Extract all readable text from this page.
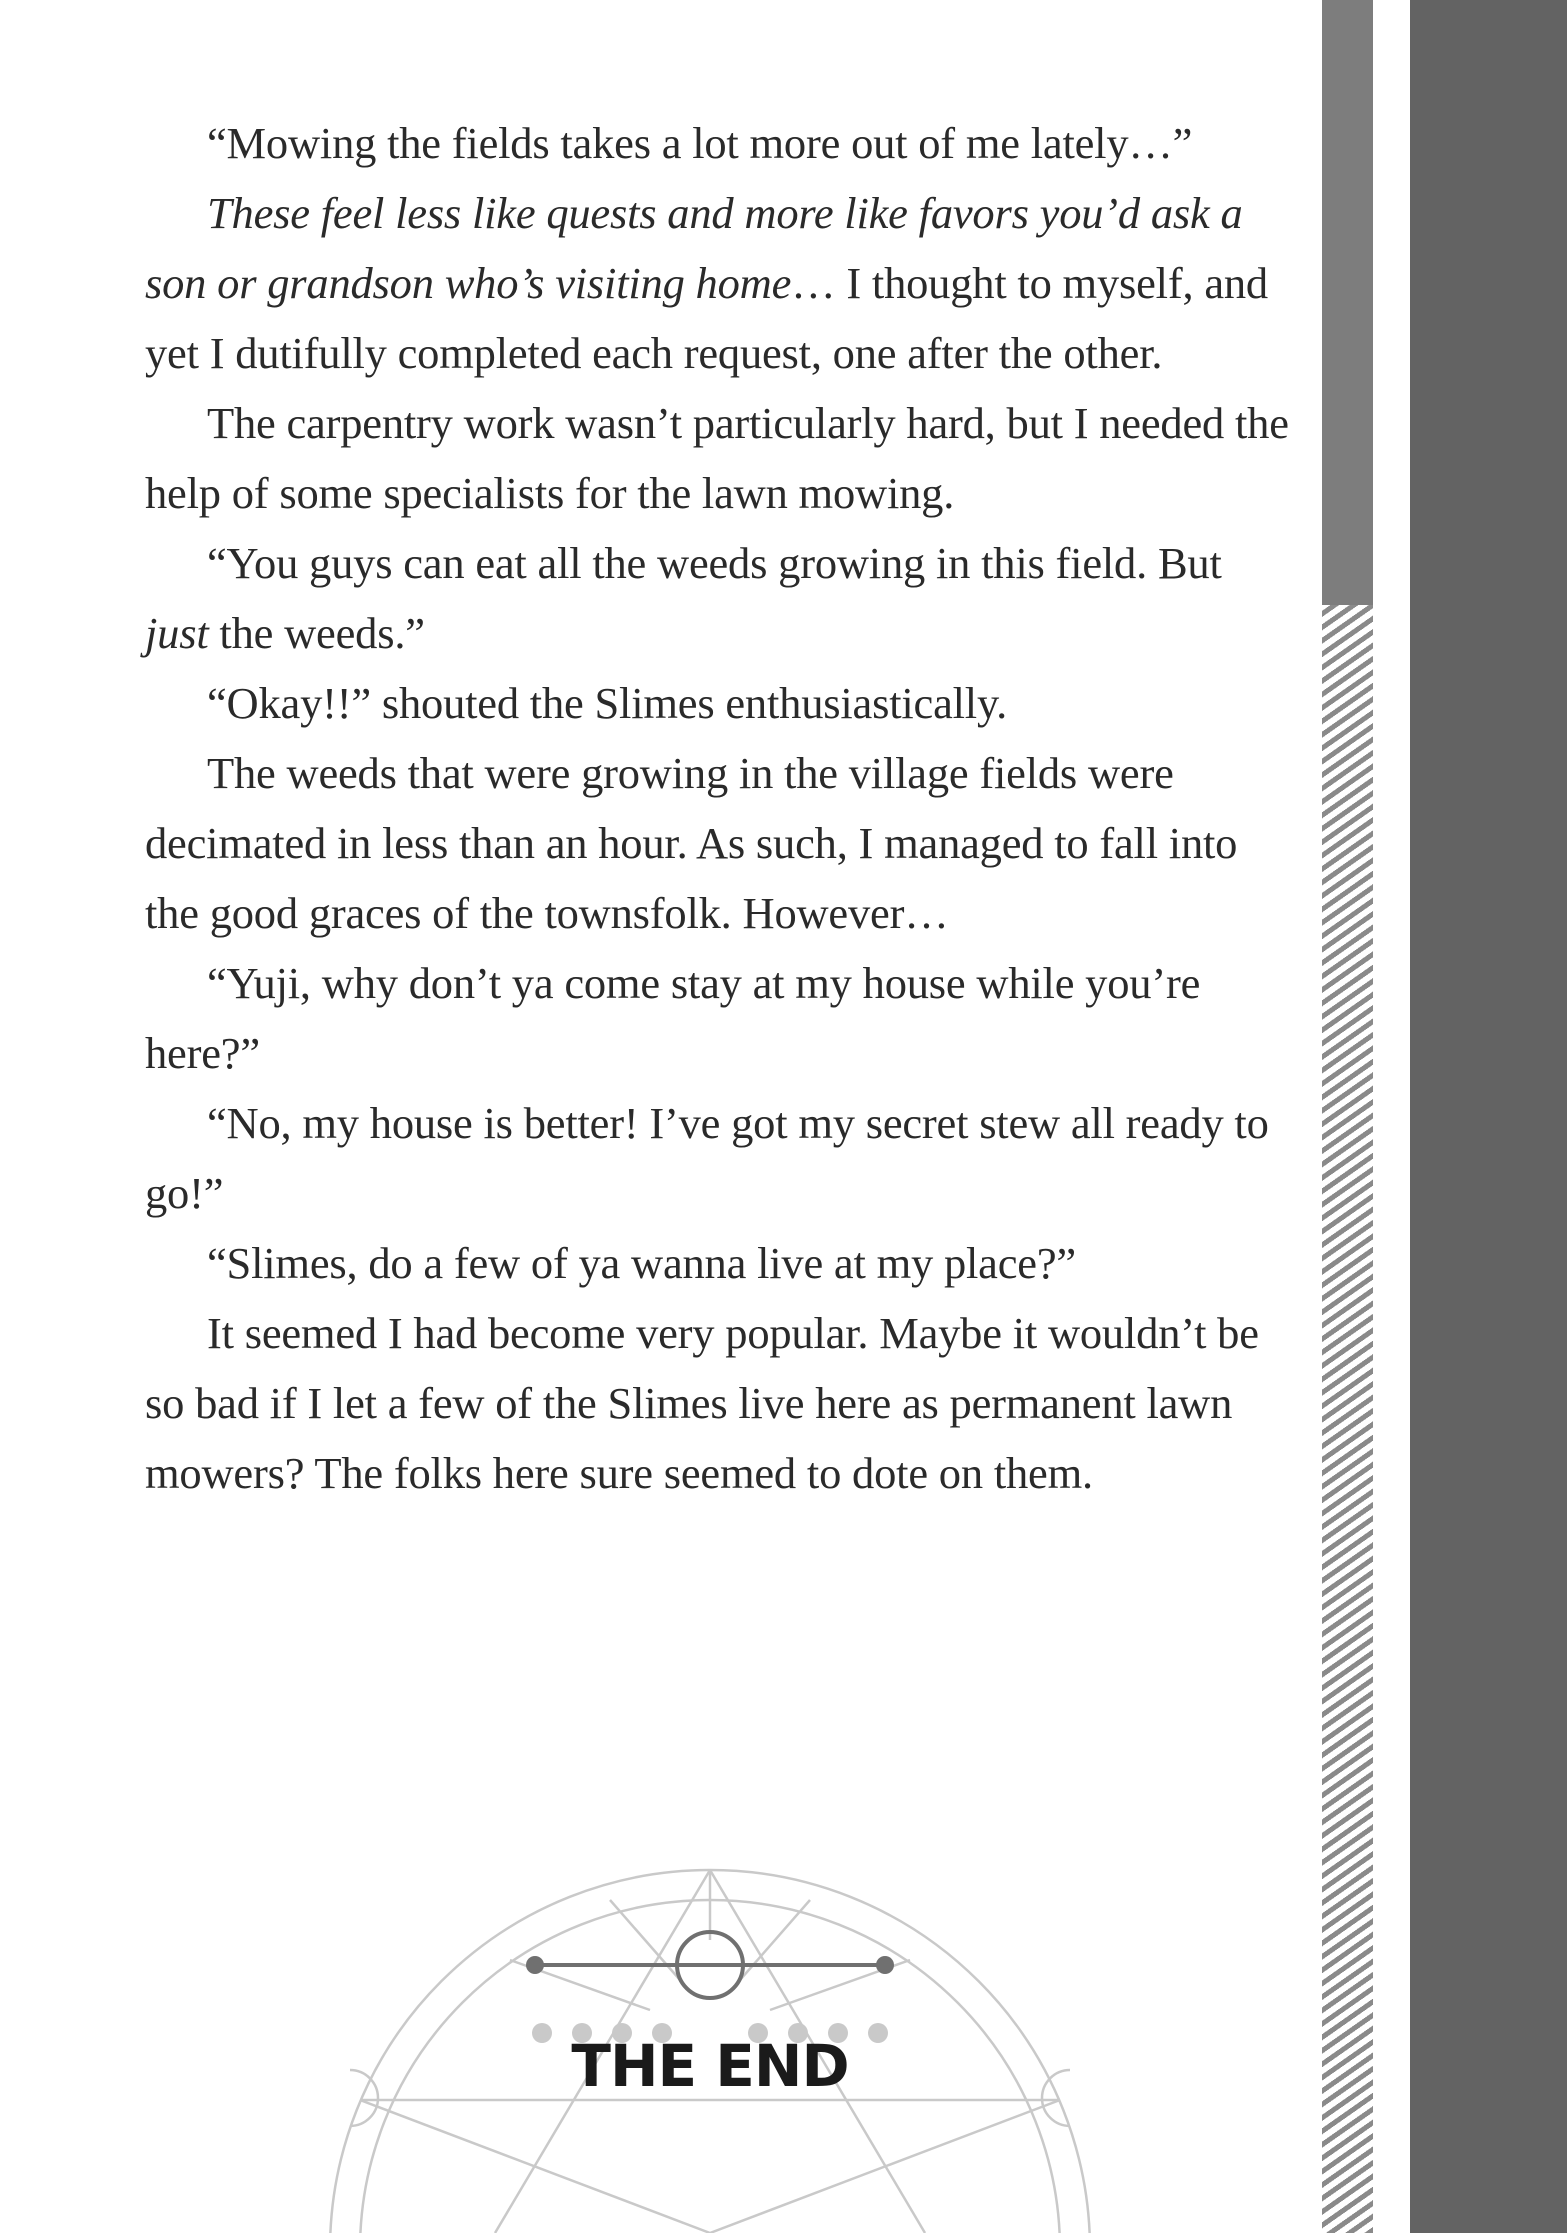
“Mowing the fields takes a lot more out of me lately…”

These feel less like quests and more like favors you’d ask a son or grandson who’s visiting home… I thought to myself, and yet I dutifully completed each request, one after the other.

The carpentry work wasn’t particularly hard, but I needed the help of some specialists for the lawn mowing.

“You guys can eat all the weeds growing in this field. But just the weeds.”

“Okay!!” shouted the Slimes enthusiastically.

The weeds that were growing in the village fields were decimated in less than an hour. As such, I managed to fall into the good graces of the townsfolk. However…

“Yuji, why don’t ya come stay at my house while you’re here?”

“No, my house is better! I’ve got my secret stew all ready to go!”

“Slimes, do a few of ya wanna live at my place?”

It seemed I had become very popular. Maybe it wouldn’t be so bad if I let a few of the Slimes live here as permanent lawn mowers? The folks here sure seemed to dote on them.

THE END
